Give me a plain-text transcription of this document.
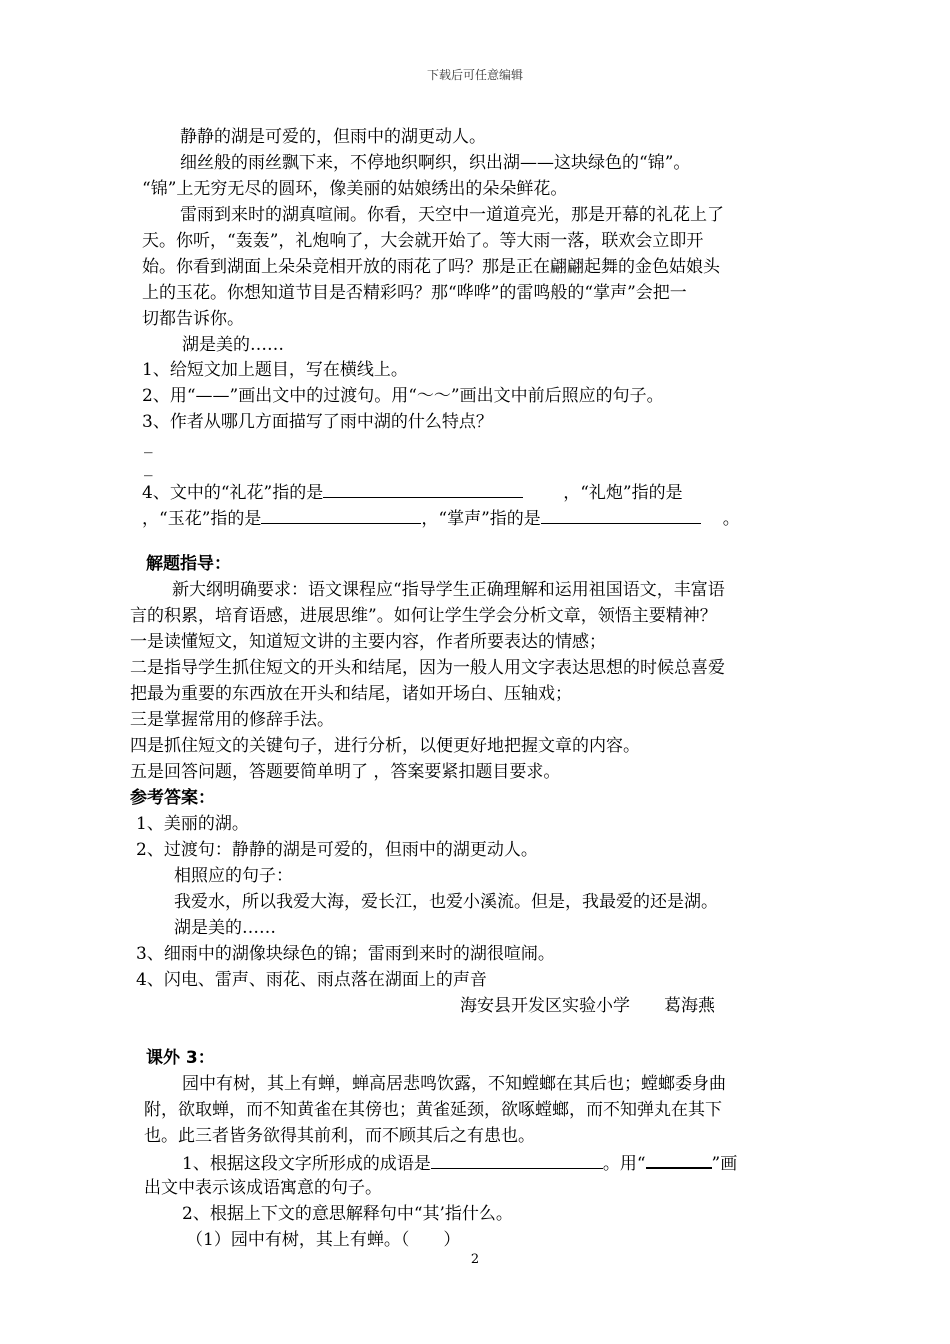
下载后可任意编辑
静静的湖是可爱的，但雨中的湖更动人。
细丝般的雨丝飘下来，不停地织啊织，织出湖——这块绿色的“锦”。
“锦”上无穷无尽的圆环，像美丽的姑娘绣出的朵朵鲜花。
雷雨到来时的湖真喧闹。你看，天空中一道道亮光，那是开幕的礼花上了
天。你听，“轰轰”，礼炮响了，大会就开始了。等大雨一落，联欢会立即开
始。你看到湖面上朵朵竞相开放的雨花了吗？那是正在翩翩起舞的金色姑娘头
上的玉花。你想知道节目是否精彩吗？那“哗哗”的雷鸣般的“掌声”会把一
切都告诉你。
湖是美的……
1、给短文加上题目，写在横线上。
2、用“——”画出文中的过渡句。用“～～”画出文中前后照应的句子。
3、作者从哪几方面描写了雨中湖的什么特点？
_
_
4、文中的“礼花”指的是	，“礼炮”指的是
，“玉花”指的是	，“掌声”指的是	。
解题指导：
新大纲明确要求：语文课程应“指导学生正确理解和运用祖国语文，丰富语
言的积累，培育语感，进展思维”。如何让学生学会分析文章，领悟主要精神？
一是读懂短文，知道短文讲的主要内容，作者所要表达的情感；
二是指导学生抓住短文的开头和结尾，因为一般人用文字表达思想的时候总喜爱
把最为重要的东西放在开头和结尾，诸如开场白、压轴戏；
三是掌握常用的修辞手法。
四是抓住短文的关键句子，进行分析，以便更好地把握文章的内容。
五是回答问题，答题要简单明了 ，答案要紧扣题目要求。
参考答案：
1、美丽的湖。
2、过渡句：静静的湖是可爱的，但雨中的湖更动人。
相照应的句子：
我爱水，所以我爱大海，爱长江，也爱小溪流。但是，我最爱的还是湖。
湖是美的……
3、细雨中的湖像块绿色的锦；雷雨到来时的湖很喧闹。
4、闪电、雷声、雨花、雨点落在湖面上的声音
海安县开发区实验小学　　葛海燕
课外 3：
园中有树，其上有蝉，蝉高居悲鸣饮露，不知螳螂在其后也；螳螂委身曲
附，欲取蝉，而不知黄雀在其傍也；黄雀延颈，欲啄螳螂，而不知弹丸在其下
也。此三者皆务欲得其前利，而不顾其后之有患也。
1、根据这段文字所形成的成语是	。用“	”画
出文中表示该成语寓意的句子。
2、根据上下文的意思解释句中“其’指什么。
（1）园中有树，其上有蝉。（　　）
2
